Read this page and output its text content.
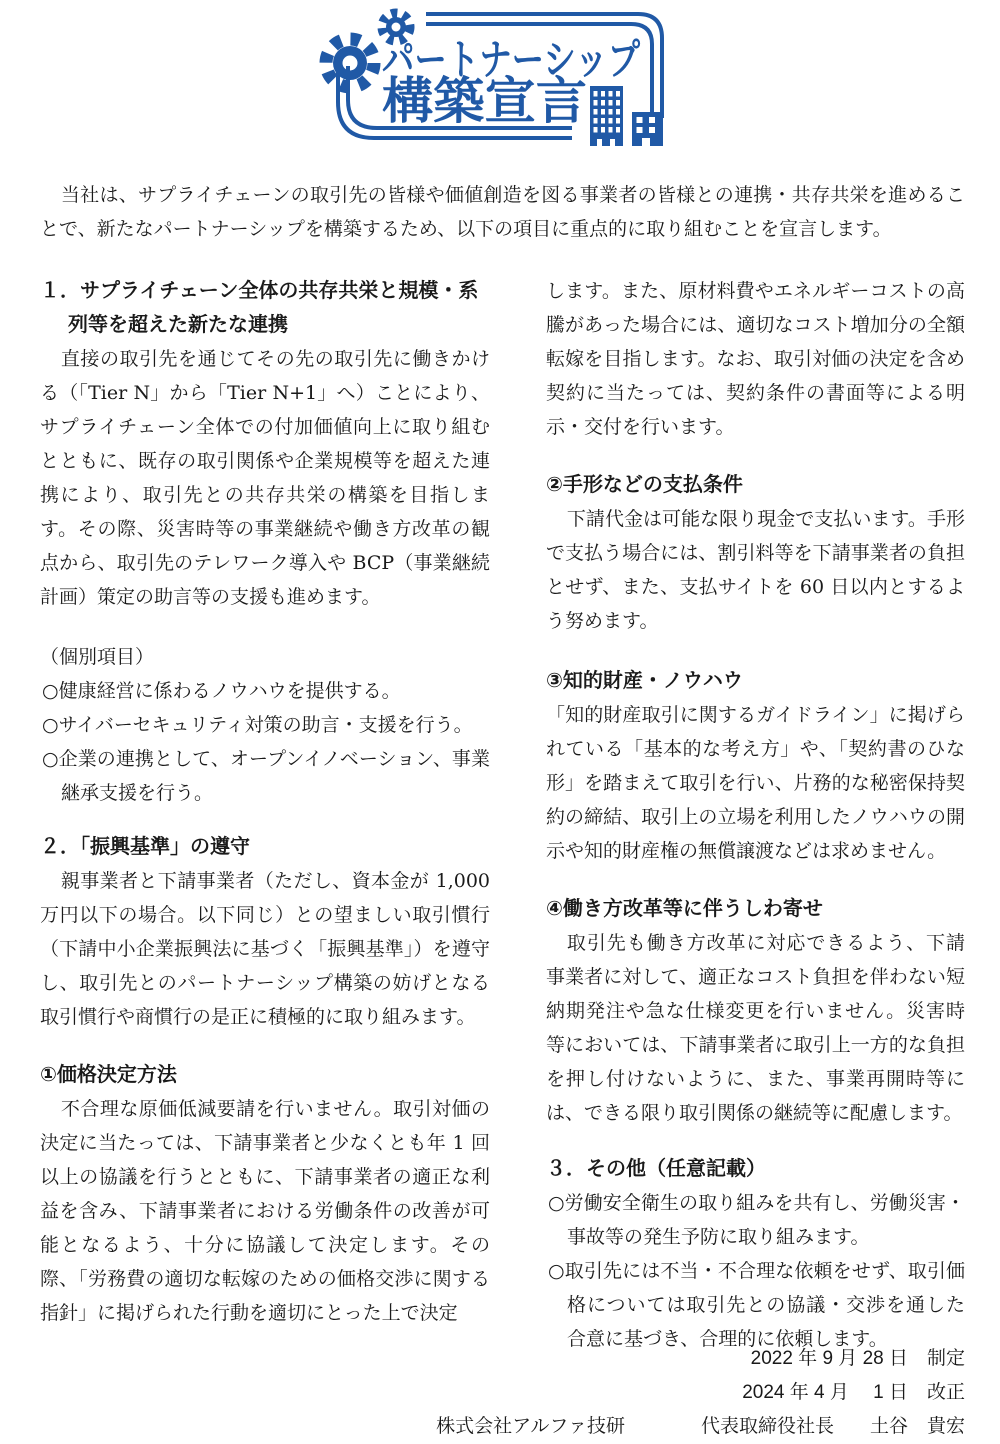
パートナーシップ
構築宣言

当社は、サプライチェーンの取引先の皆様や価値創造を図る事業者の皆様との連携・共存共栄を進めることで、新たなパートナーシップを構築するため、以下の項目に重点的に取り組むことを宣言します。

１．サプライチェーン全体の共存共栄と規模・系列等を超えた新たな連携

直接の取引先を通じてその先の取引先に働きかける（「Tier N」から「Tier N+1」へ）ことにより、サプライチェーン全体での付加価値向上に取り組むとともに、既存の取引関係や企業規模等を超えた連携により、取引先との共存共栄の構築を目指します。その際、災害時等の事業継続や働き方改革の観点から、取引先のテレワーク導入や BCP（事業継続計画）策定の助言等の支援も進めます。

（個別項目）

○健康経営に係わるノウハウを提供する。

○サイバーセキュリティ対策の助言・支援を行う。

○企業の連携として、オープンイノベーション、事業継承支援を行う。

２．「振興基準」の遵守

親事業者と下請事業者（ただし、資本金が 1,000 万円以下の場合。以下同じ）との望ましい取引慣行（下請中小企業振興法に基づく「振興基準」）を遵守し、取引先とのパートナーシップ構築の妨げとなる取引慣行や商慣行の是正に積極的に取り組みます。

①価格決定方法

不合理な原価低減要請を行いません。取引対価の決定に当たっては、下請事業者と少なくとも年 1 回以上の協議を行うとともに、下請事業者の適正な利益を含み、下請事業者における労働条件の改善が可能となるよう、十分に協議して決定します。その際、「労務費の適切な転嫁のための価格交渉に関する指針」に掲げられた行動を適切にとった上で決定

します。また、原材料費やエネルギーコストの高騰があった場合には、適切なコスト増加分の全額転嫁を目指します。なお、取引対価の決定を含め契約に当たっては、契約条件の書面等による明示・交付を行います。

②手形などの支払条件

下請代金は可能な限り現金で支払います。手形で支払う場合には、割引料等を下請事業者の負担とせず、また、支払サイトを 60 日以内とするよう努めます。

③知的財産・ノウハウ

「知的財産取引に関するガイドライン」に掲げられている「基本的な考え方」や、「契約書のひな形」を踏まえて取引を行い、片務的な秘密保持契約の締結、取引上の立場を利用したノウハウの開示や知的財産権の無償譲渡などは求めません。

④働き方改革等に伴うしわ寄せ

取引先も働き方改革に対応できるよう、下請事業者に対して、適正なコスト負担を伴わない短納期発注や急な仕様変更を行いません。災害時等においては、下請事業者に取引上一方的な負担を押し付けないように、また、事業再開時等には、できる限り取引関係の継続等に配慮します。

３．その他（任意記載）

○労働安全衛生の取り組みを共有し、労働災害・事故等の発生予防に取り組みます。

○取引先には不当・不合理な依頼をせず、取引価格については取引先との協議・交渉を通した合意に基づき、合理的に依頼します。

2022 年 9 月 28 日　制定

2024 年 4 月　 1 日　改正

株式会社アルファ技研	代表取締役社長 土谷　貴宏
